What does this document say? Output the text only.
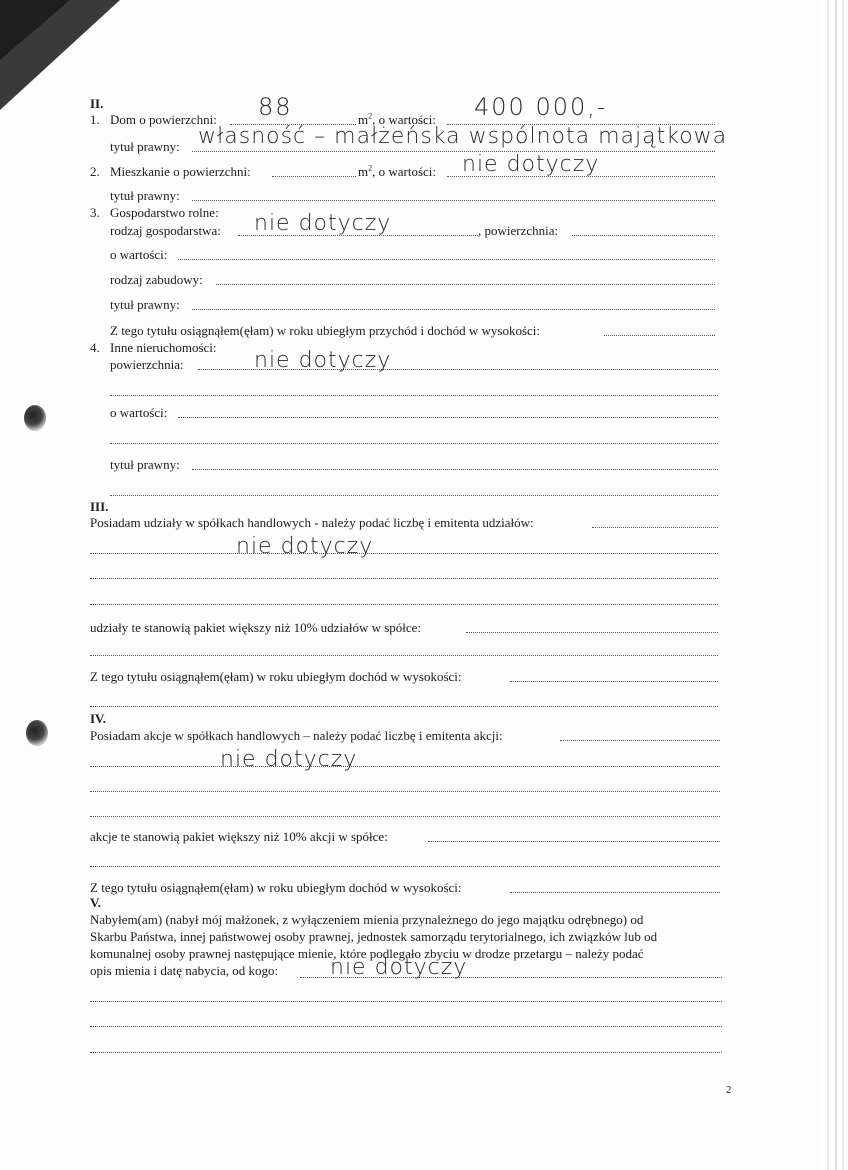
II.
1. Dom o powierzchni: 88	$m^2$, o wartości: 400 000,-
tytuł prawny: własność – małżeńska wspólnota majątkowa
2. Mieszkanie o powierzchni:	$m^2$, o wartości: nie dotyczy
tytuł prawny:
3. Gospodarstwo rolne:
rodzaj gospodarstwa: nie dotyczy	, powierzchnia:
o wartości:
rodzaj zabudowy:
tytuł prawny:
Z tego tytułu osiągnąłem(ęłam) w roku ubiegłym przychód i dochód w wysokości:
4. Inne nieruchomości:
powierzchnia:	nie dotyczy
o wartości:
tytuł prawny:
III.
Posiadam udziały w spółkach handlowych - należy podać liczbę i emitenta udziałów:
nie dotyczy
udziały te stanowią pakiet większy niż 10% udziałów w spółce:
Z tego tytułu osiągnąłem(ęłam) w roku ubiegłym dochód w wysokości:
IV.
Posiadam akcje w spółkach handlowych – należy podać liczbę i emitenta akcji:
nie dotyczy
akcje te stanowią pakiet większy niż 10% akcji w spółce:
Z tego tytułu osiągnąłem(ęłam) w roku ubiegłym dochód w wysokości:
V.
Nabyłem(am) (nabył mój małżonek, z wyłączeniem mienia przynależnego do jego majątku odrębnego) od
Skarbu Państwa, innej państwowej osoby prawnej, jednostek samorządu terytorialnego, ich związków lub od
komunalnej osoby prawnej następujące mienie, które podlegało zbyciu w drodze przetargu – należy podać
opis mienia i datę nabycia, od kogo: nie dotyczy
2
